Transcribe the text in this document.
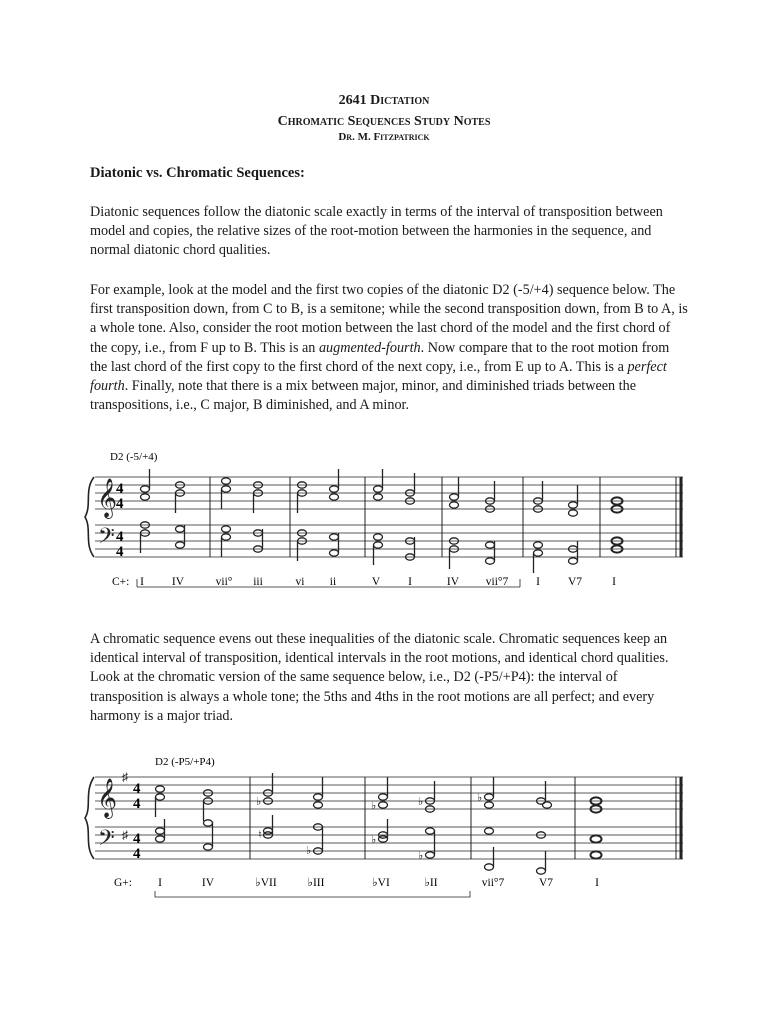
2641 Dictation
Chromatic Sequences Study Notes
Dr. M. Fitzpatrick
Diatonic vs. Chromatic Sequences:
Diatonic sequences follow the diatonic scale exactly in terms of the interval of transposition between model and copies, the relative sizes of the root-motion between the harmonies in the sequence, and normal diatonic chord qualities.
For example, look at the model and the first two copies of the diatonic D2 (-5/+4) sequence below. The first transposition down, from C to B, is a semitone; while the second transposition down, from B to A, is a whole tone. Also, consider the root motion between the last chord of the model and the first chord of the copy, i.e., from F up to B. This is an augmented-fourth. Now compare that to the root motion from the last chord of the first copy to the first chord of the next copy, i.e., from E up to A. This is a perfect fourth. Finally, note that there is a mix between major, minor, and diminished triads between the transpositions, i.e., C major, B diminished, and A minor.
D2 (-5/+4)
𝄞
𝄢
4
4
4
4
C+: I IV	vii° iii	vi ii	V I	IV vii°7 I V7	I
A chromatic sequence evens out these inequalities of the diatonic scale. Chromatic sequences keep an identical interval of transposition, identical intervals in the root motions, and identical chord qualities. Look at the chromatic version of the same sequence below, i.e., D2 (-P5/+P4): the interval of transposition is always a whole tone; the 5ths and 4ths in the root motions are all perfect; and every harmony is a major triad.
D2 (-P5/+P4)
𝄞
𝄢
♯
♯
4
4
4
4
♭
♮
♭
♭
♭
♭
♭
♭
G+: I	IV	♭VII	♭III	♭VI	♭II	vii°7	V7	I
